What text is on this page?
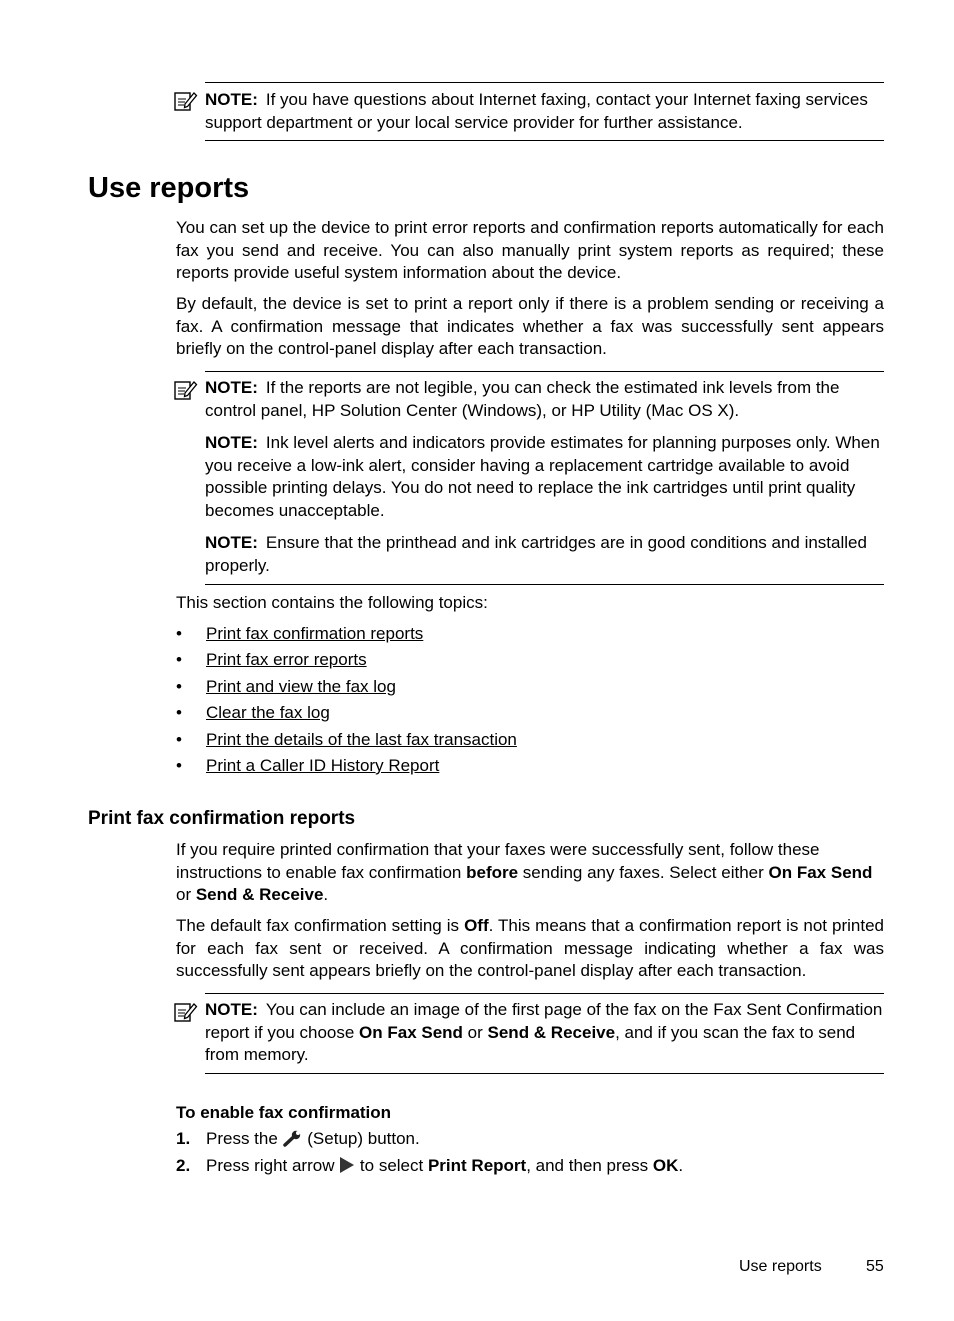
NOTE: If you have questions about Internet faxing, contact your Internet faxing services support department or your local service provider for further assistance.

Use reports

You can set up the device to print error reports and confirmation reports automatically for each fax you send and receive. You can also manually print system reports as required; these reports provide useful system information about the device.

By default, the device is set to print a report only if there is a problem sending or receiving a fax. A confirmation message that indicates whether a fax was successfully sent appears briefly on the control-panel display after each transaction.

NOTE: If the reports are not legible, you can check the estimated ink levels from the control panel, HP Solution Center (Windows), or HP Utility (Mac OS X).

NOTE: Ink level alerts and indicators provide estimates for planning purposes only. When you receive a low-ink alert, consider having a replacement cartridge available to avoid possible printing delays. You do not need to replace the ink cartridges until print quality becomes unacceptable.

NOTE: Ensure that the printhead and ink cartridges are in good conditions and installed properly.

This section contains the following topics:

• Print fax confirmation reports
• Print fax error reports
• Print and view the fax log
• Clear the fax log
• Print the details of the last fax transaction
• Print a Caller ID History Report
Print fax confirmation reports

If you require printed confirmation that your faxes were successfully sent, follow these instructions to enable fax confirmation before sending any faxes. Select either On Fax Send or Send & Receive.

The default fax confirmation setting is Off. This means that a confirmation report is not printed for each fax sent or received. A confirmation message indicating whether a fax was successfully sent appears briefly on the control-panel display after each transaction.

NOTE: You can include an image of the first page of the fax on the Fax Sent Confirmation report if you choose On Fax Send or Send & Receive, and if you scan the fax to send from memory.

To enable fax confirmation

1. Press the  (Setup) button.
2. Press right arrow  to select Print Report, and then press OK.
Use reports	55
